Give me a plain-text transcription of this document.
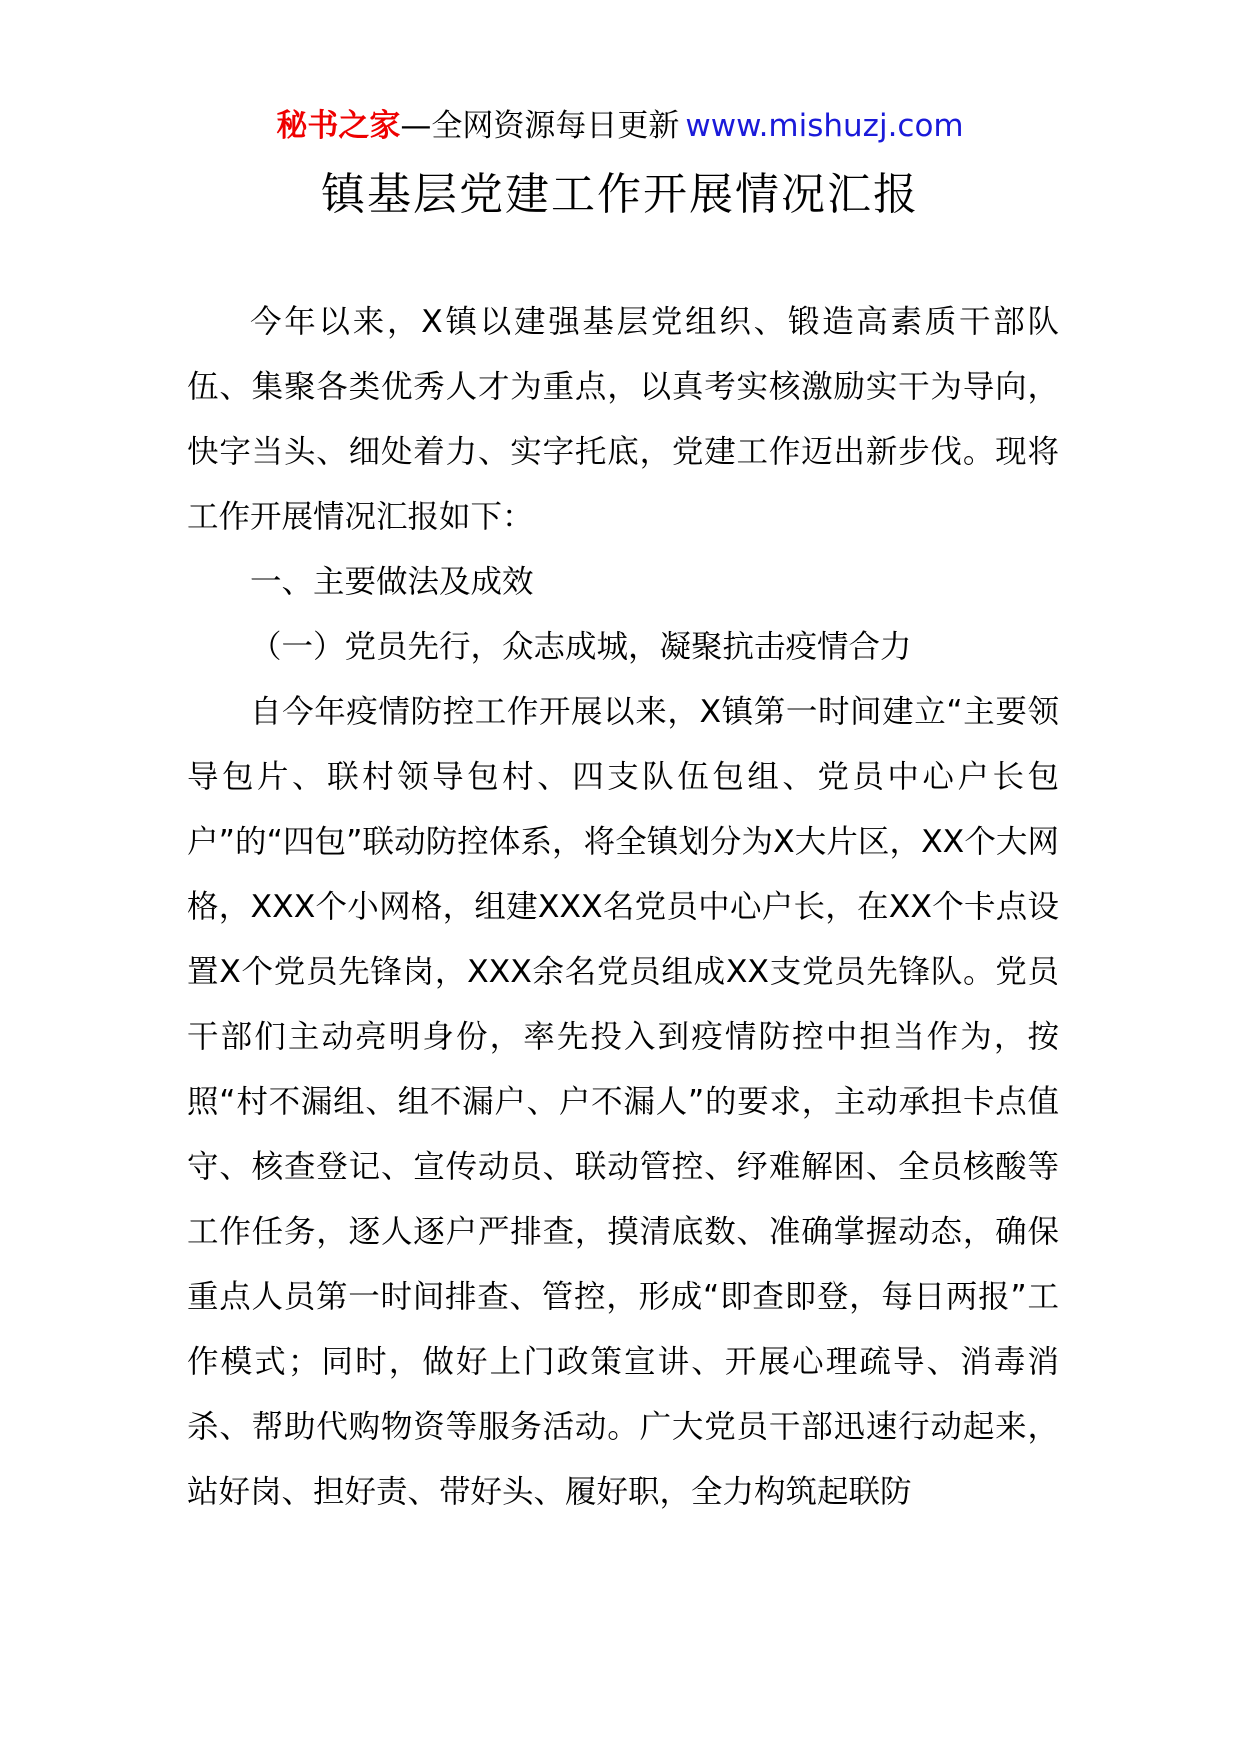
秘书之家—全网资源每日更新 www.mishuzj.com
镇基层党建工作开展情况汇报

今年以来，X镇以建强基层党组织、锻造高素质干部队伍、集聚各类优秀人才为重点，以真考实核激励实干为导向，快字当头、细处着力、实字托底，党建工作迈出新步伐。现将工作开展情况汇报如下：

一、主要做法及成效

（一）党员先行，众志成城，凝聚抗击疫情合力

自今年疫情防控工作开展以来，X镇第一时间建立“主要领导包片、联村领导包村、四支队伍包组、党员中心户长包户”的“四包”联动防控体系，将全镇划分为X大片区，XX个大网格，XXX个小网格，组建XXX名党员中心户长，在XX个卡点设置X个党员先锋岗，XXX余名党员组成XX支党员先锋队。党员干部们主动亮明身份，率先投入到疫情防控中担当作为，按照“村不漏组、组不漏户、户不漏人”的要求，主动承担卡点值守、核查登记、宣传动员、联动管控、纾难解困、全员核酸等工作任务，逐人逐户严排查，摸清底数、准确掌握动态，确保重点人员第一时间排查、管控，形成“即查即登，每日两报”工作模式；同时，做好上门政策宣讲、开展心理疏导、消毒消杀、帮助代购物资等服务活动。广大党员干部迅速行动起来，站好岗、担好责、带好头、履好职，全力构筑起联防
